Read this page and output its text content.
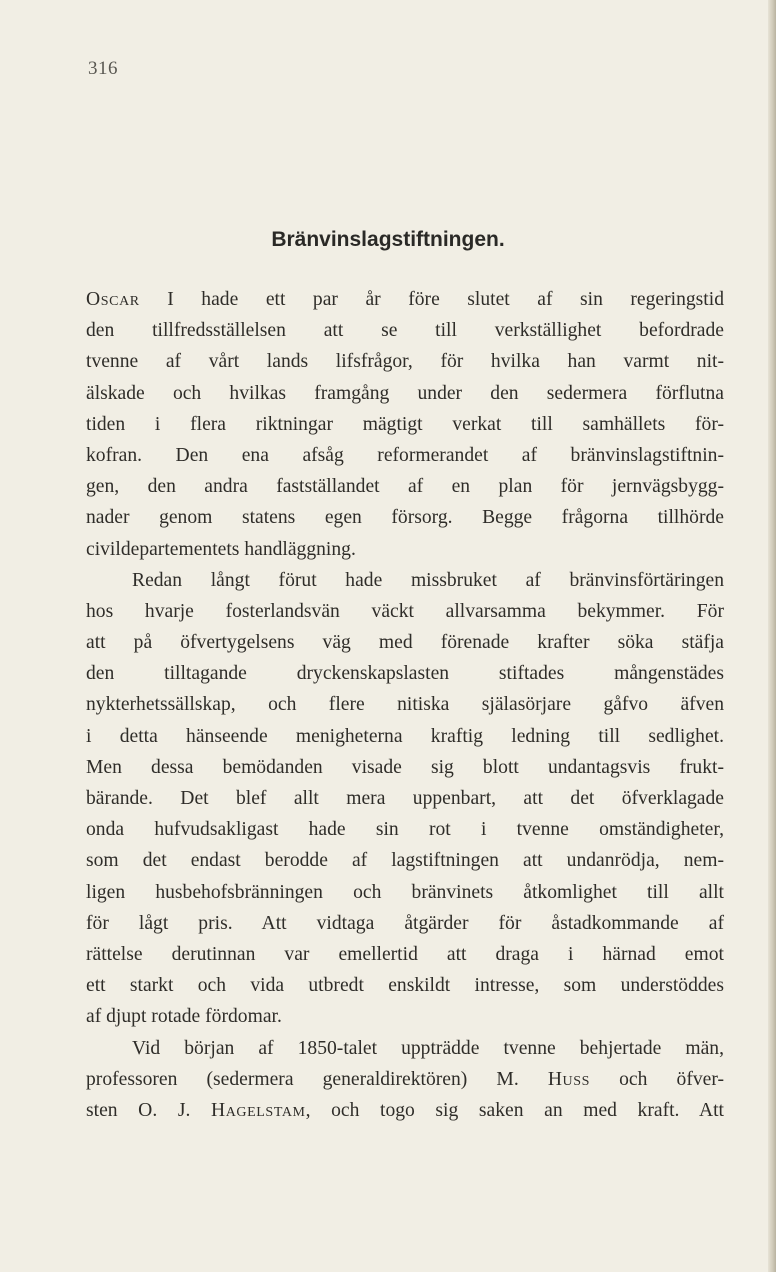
316
Bränvinslagstiftningen.
Oscar I hade ett par år före slutet af sin regeringstid
den tillfredsställelsen att se till verkställighet befordrade
tvenne af vårt lands lifsfrågor, för hvilka han varmt nit-
älskade och hvilkas framgång under den sedermera förflutna
tiden i flera riktningar mägtigt verkat till samhällets för-
kofran. Den ena afsåg reformerandet af bränvinslagstiftnin-
gen, den andra fastställandet af en plan för jernvägsbygg-
nader genom statens egen försorg. Begge frågorna tillhörde
civildepartementets handläggning.
Redan långt förut hade missbruket af bränvinsförtäringen
hos hvarje fosterlandsvän väckt allvarsamma bekymmer. För
att på öfvertygelsens väg med förenade krafter söka stäfja
den tilltagande dryckenskapslasten stiftades mångenstädes
nykterhetssällskap, och flere nitiska själasörjare gåfvo äfven
i detta hänseende menigheterna kraftig ledning till sedlighet.
Men dessa bemödanden visade sig blott undantagsvis frukt-
bärande. Det blef allt mera uppenbart, att det öfverklagade
onda hufvudsakligast hade sin rot i tvenne omständigheter,
som det endast berodde af lagstiftningen att undanrödja, nem-
ligen husbehofsbränningen och bränvinets åtkomlighet till allt
för lågt pris. Att vidtaga åtgärder för åstadkommande af
rättelse derutinnan var emellertid att draga i härnad emot
ett starkt och vida utbredt enskildt intresse, som understöddes
af djupt rotade fördomar.
Vid början af 1850-talet uppträdde tvenne behjertade män,
professoren (sedermera generaldirektören) M. Huss och öfver-
sten O. J. Hagelstam, och togo sig saken an med kraft. Att
